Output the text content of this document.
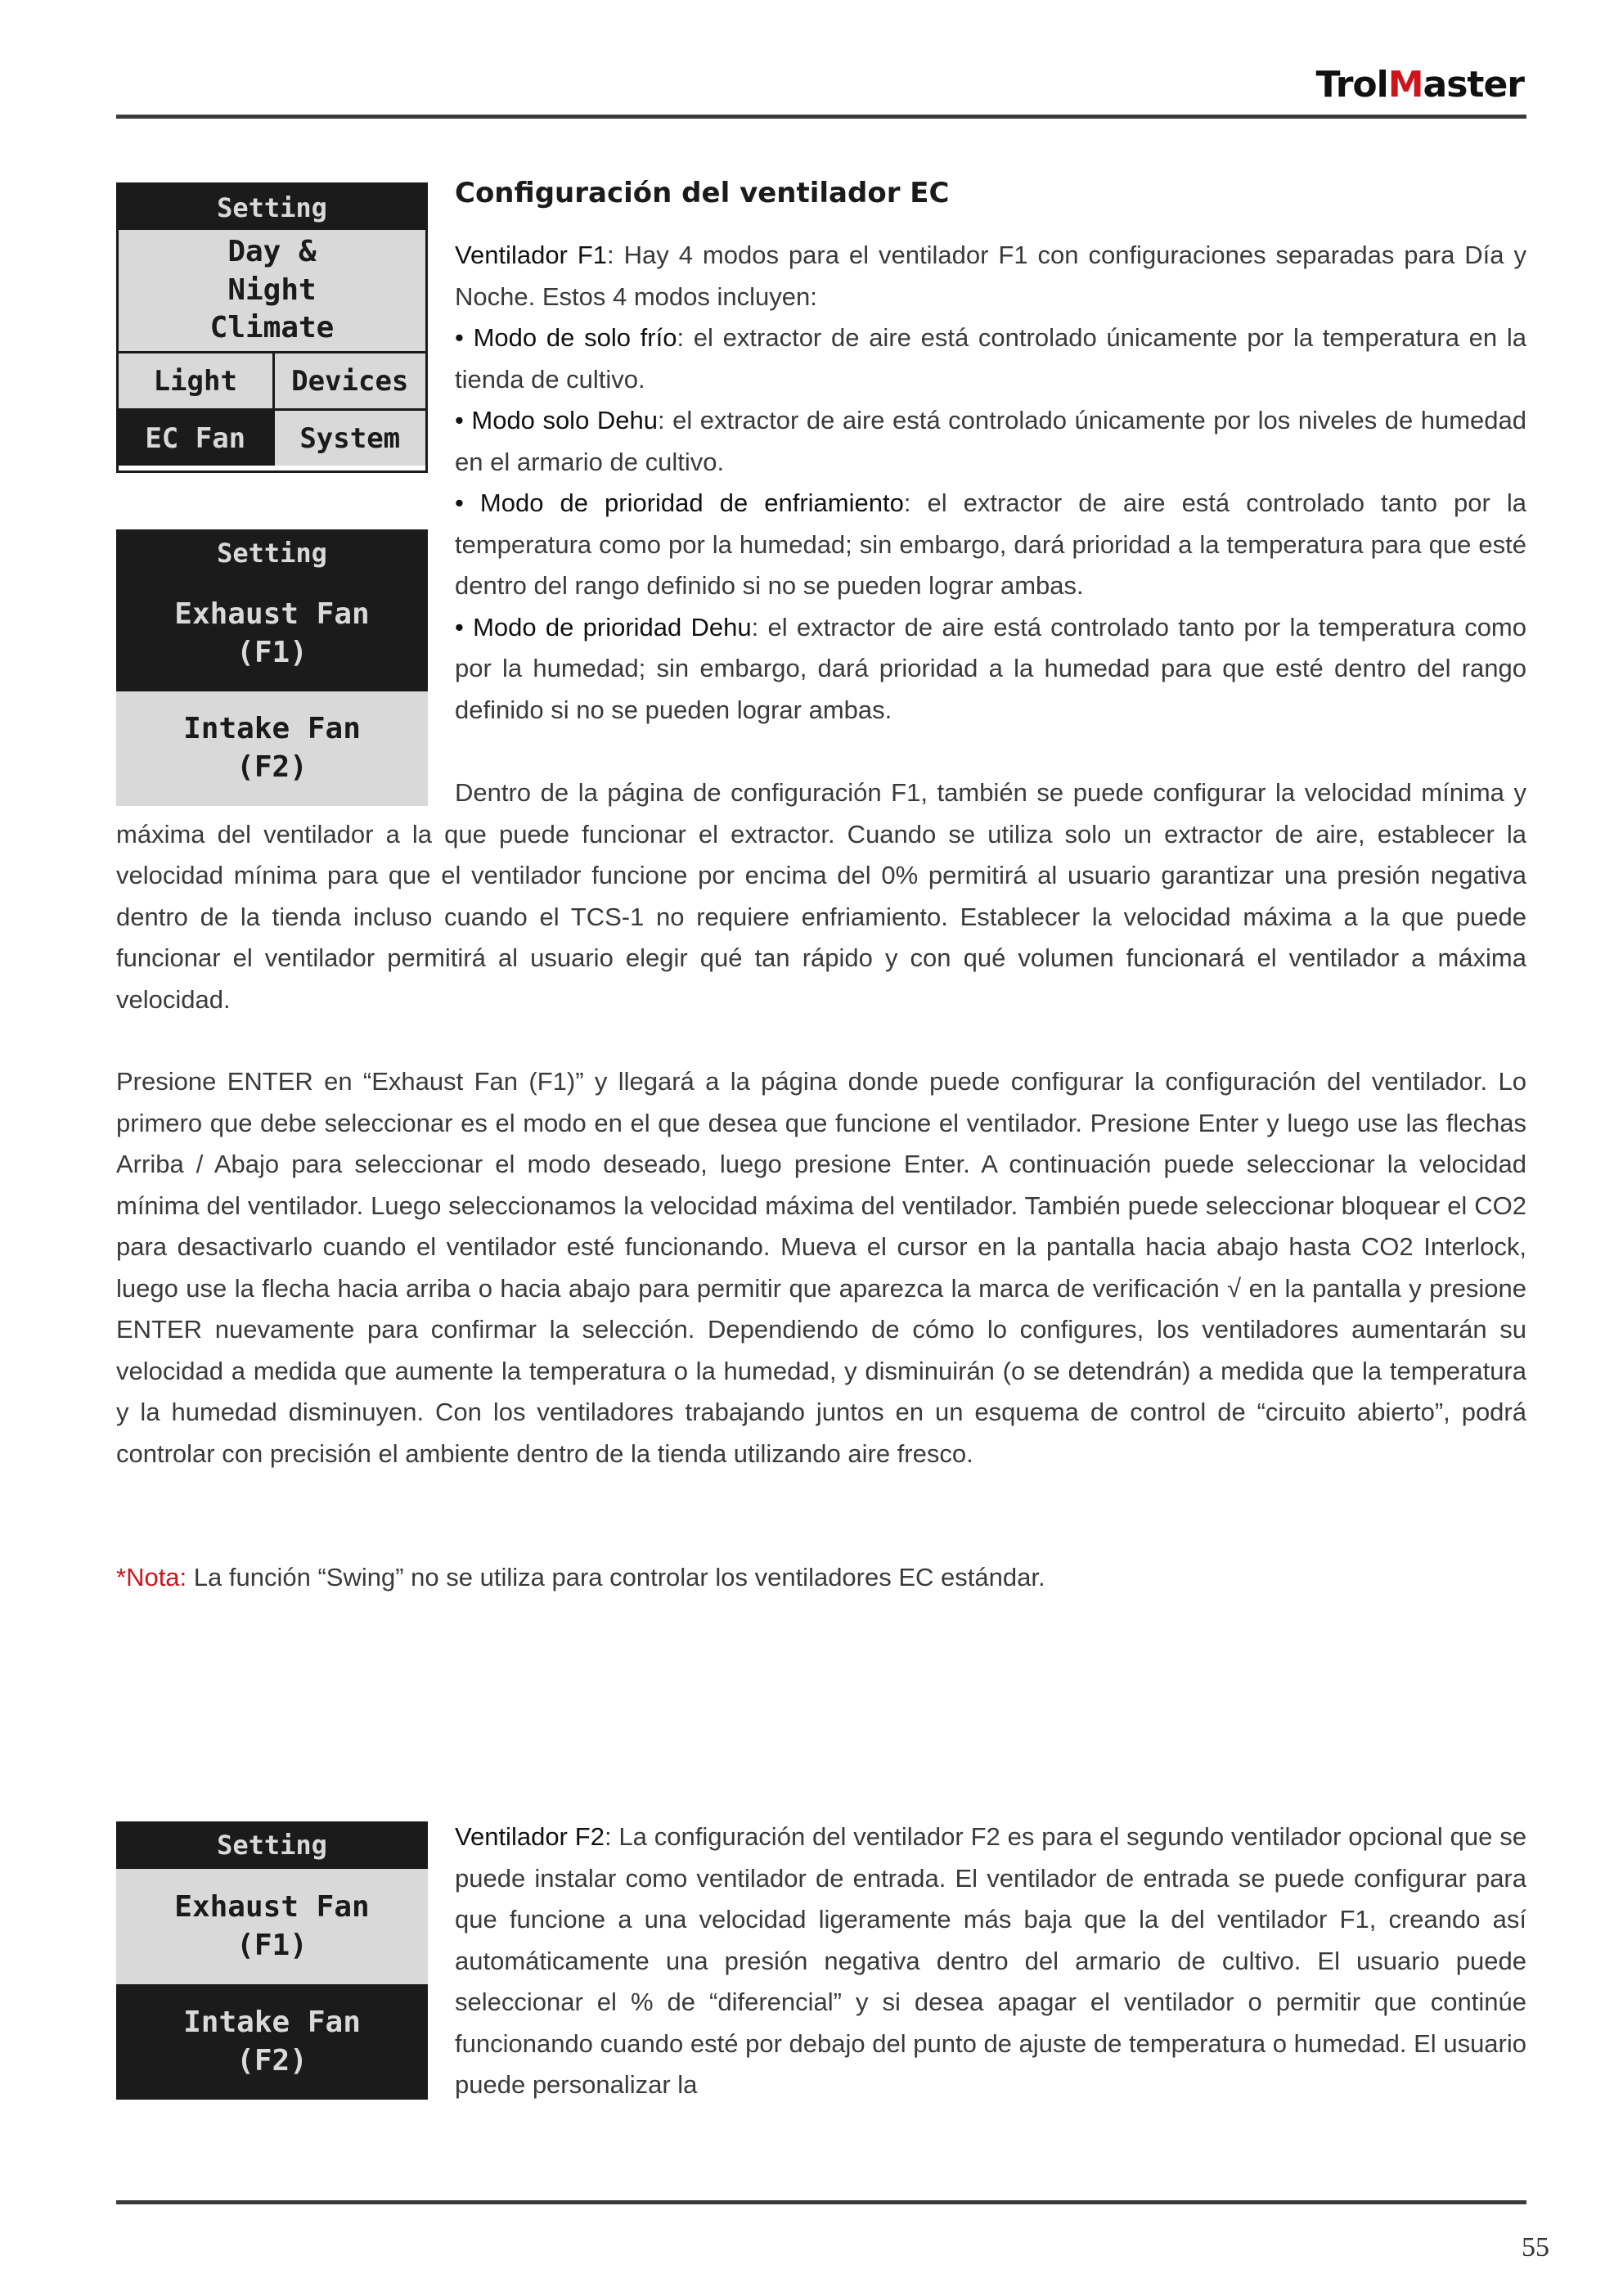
TrolMaster
Setting
Day & Night Climate
Light	Devices
EC Fan	System
Setting
Exhaust Fan (F1)
Intake Fan (F2)
Configuración del ventilador EC
Ventilador F1: Hay 4 modos para el ventilador F1 con configuraciones separadas para Día y Noche. Estos 4 modos incluyen:
• Modo de solo frío: el extractor de aire está controlado únicamente por la temperatura en la tienda de cultivo.
• Modo solo Dehu: el extractor de aire está controlado únicamente por los niveles de humedad en el armario de cultivo.
• Modo de prioridad de enfriamiento: el extractor de aire está controlado tanto por la temperatura como por la humedad; sin embargo, dará prioridad a la temperatura para que esté dentro del rango definido si no se pueden lograr ambas.
• Modo de prioridad Dehu: el extractor de aire está controlado tanto por la temperatura como por la humedad; sin embargo, dará prioridad a la humedad para que esté dentro del rango definido si no se pueden lograr ambas.
Dentro de la página de configuración F1, también se puede configurar la velocidad mínima y máxima del ventilador a la que puede funcionar el extractor. Cuando se utiliza solo un extractor de aire, establecer la velocidad mínima para que el ventilador funcione por encima del 0% permitirá al usuario garantizar una presión negativa dentro de la tienda incluso cuando el TCS-1 no requiere enfriamiento. Establecer la velocidad máxima a la que puede funcionar el ventilador permitirá al usuario elegir qué tan rápido y con qué volumen funcionará el ventilador a máxima velocidad.
Presione ENTER en “Exhaust Fan (F1)” y llegará a la página donde puede configurar la configuración del ventilador. Lo primero que debe seleccionar es el modo en el que desea que funcione el ventilador. Presione Enter y luego use las flechas Arriba / Abajo para seleccionar el modo deseado, luego presione Enter. A continuación puede seleccionar la velocidad mínima del ventilador. Luego seleccionamos la velocidad máxima del ventilador. También puede seleccionar bloquear el CO2 para desactivarlo cuando el ventilador esté funcionando. Mueva el cursor en la pantalla hacia abajo hasta CO2 Interlock, luego use la flecha hacia arriba o hacia abajo para permitir que aparezca la marca de verificación √ en la pantalla y presione ENTER nuevamente para confirmar la selección. Dependiendo de cómo lo configures, los ventiladores aumentarán su velocidad a medida que aumente la temperatura o la humedad, y disminuirán (o se detendrán) a medida que la temperatura y la humedad disminuyen. Con los ventiladores trabajando juntos en un esquema de control de “circuito abierto”, podrá controlar con precisión el ambiente dentro de la tienda utilizando aire fresco.
*Nota: La función “Swing” no se utiliza para controlar los ventiladores EC estándar.
Setting
Exhaust Fan (F1)
Intake Fan (F2)
Ventilador F2: La configuración del ventilador F2 es para el segundo ventilador opcional que se puede instalar como ventilador de entrada. El ventilador de entrada se puede configurar para que funcione a una velocidad ligeramente más baja que la del ventilador F1, creando así automáticamente una presión negativa dentro del armario de cultivo. El usuario puede seleccionar el % de “diferencial” y si desea apagar el ventilador o permitir que continúe funcionando cuando esté por debajo del punto de ajuste de temperatura o humedad. El usuario puede personalizar la
55
